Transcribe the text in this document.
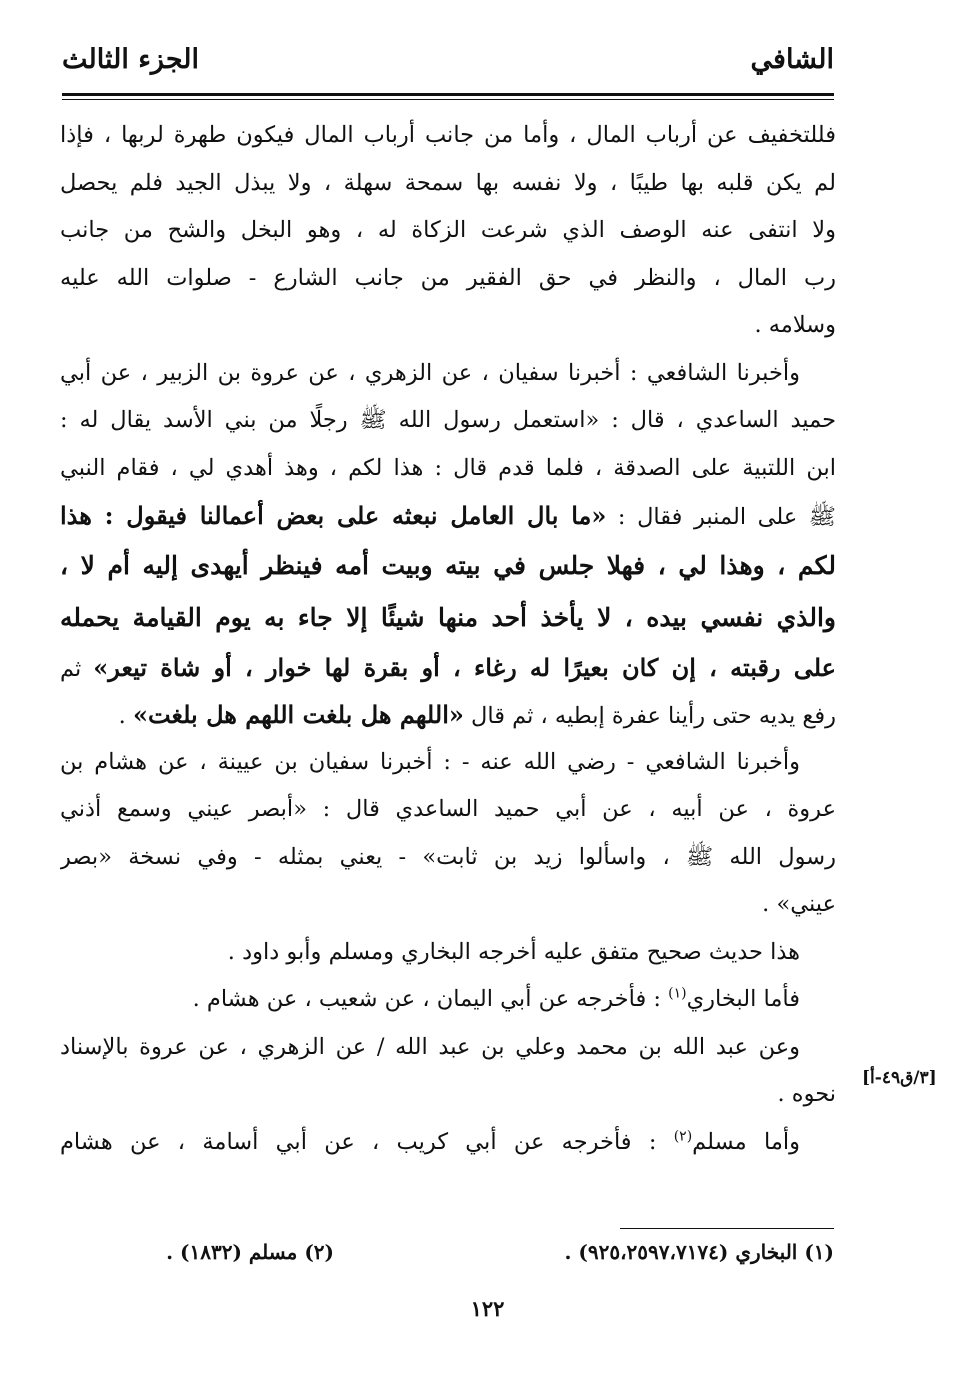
الشافي
الجزء الثالث
فللتخفيف عن أرباب المال ، وأما من جانب أرباب المال فيكون طهرة لربها ، فإذا
لم يكن قلبه بها طيبًا ، ولا نفسه بها سمحة سهلة ، ولا يبذل الجيد فلم يحصل
ولا انتفى عنه الوصف الذي شرعت الزكاة له ، وهو البخل والشح من جانب
رب المال ، والنظر في حق الفقير من جانب الشارع - صلوات الله عليه
وسلامه .
وأخبرنا الشافعي : أخبرنا سفيان ، عن الزهري ، عن عروة بن الزبير ، عن أبي
حميد الساعدي ، قال : «استعمل رسول الله ﷺ رجلًا من بني الأسد يقال له :
ابن اللتبية على الصدقة ، فلما قدم قال : هذا لكم ، وهذ أهدي لي ، فقام النبي
ﷺ على المنبر فقال : «ما بال العامل نبعثه على بعض أعمالنا فيقول : هذا
لكم ، وهذا لي ، فهلا جلس في بيته وبيت أمه فينظر أيهدى إليه أم لا ،
والذي نفسي بيده ، لا يأخذ أحد منها شيئًا إلا جاء به يوم القيامة يحمله
على رقبته ، إن كان بعيرًا له رغاء ، أو بقرة لها خوار ، أو شاة تيعر» ثم
رفع يديه حتى رأينا عفرة إبطيه ، ثم قال «اللهم هل بلغت اللهم هل بلغت» .
وأخبرنا الشافعي - رضي الله عنه - : أخبرنا سفيان بن عيينة ، عن هشام بن
عروة ، عن أبيه ، عن أبي حميد الساعدي قال : «أبصر عيني وسمع أذني
رسول الله ﷺ ، واسألوا زيد بن ثابت» - يعني بمثله - وفي نسخة «بصر
عيني» .
هذا حديث صحيح متفق عليه أخرجه البخاري ومسلم وأبو داود .
فأما البخاري$^{(١)}$ : فأخرجه عن أبي اليمان ، عن شعيب ، عن هشام .
وعن عبد الله بن محمد وعلي بن عبد الله / عن الزهري ، عن عروة بالإسناد
نحوه .
وأما مسلم$^{(٢)}$ : فأخرجه عن أبي كريب ، عن أبي أسامة ، عن هشام
[٣/ق٤٩-أ]
(١) البخاري (٩٢٥،٢٥٩٧،٧١٧٤) .
(٢) مسلم (١٨٣٢) .
١٢٢
